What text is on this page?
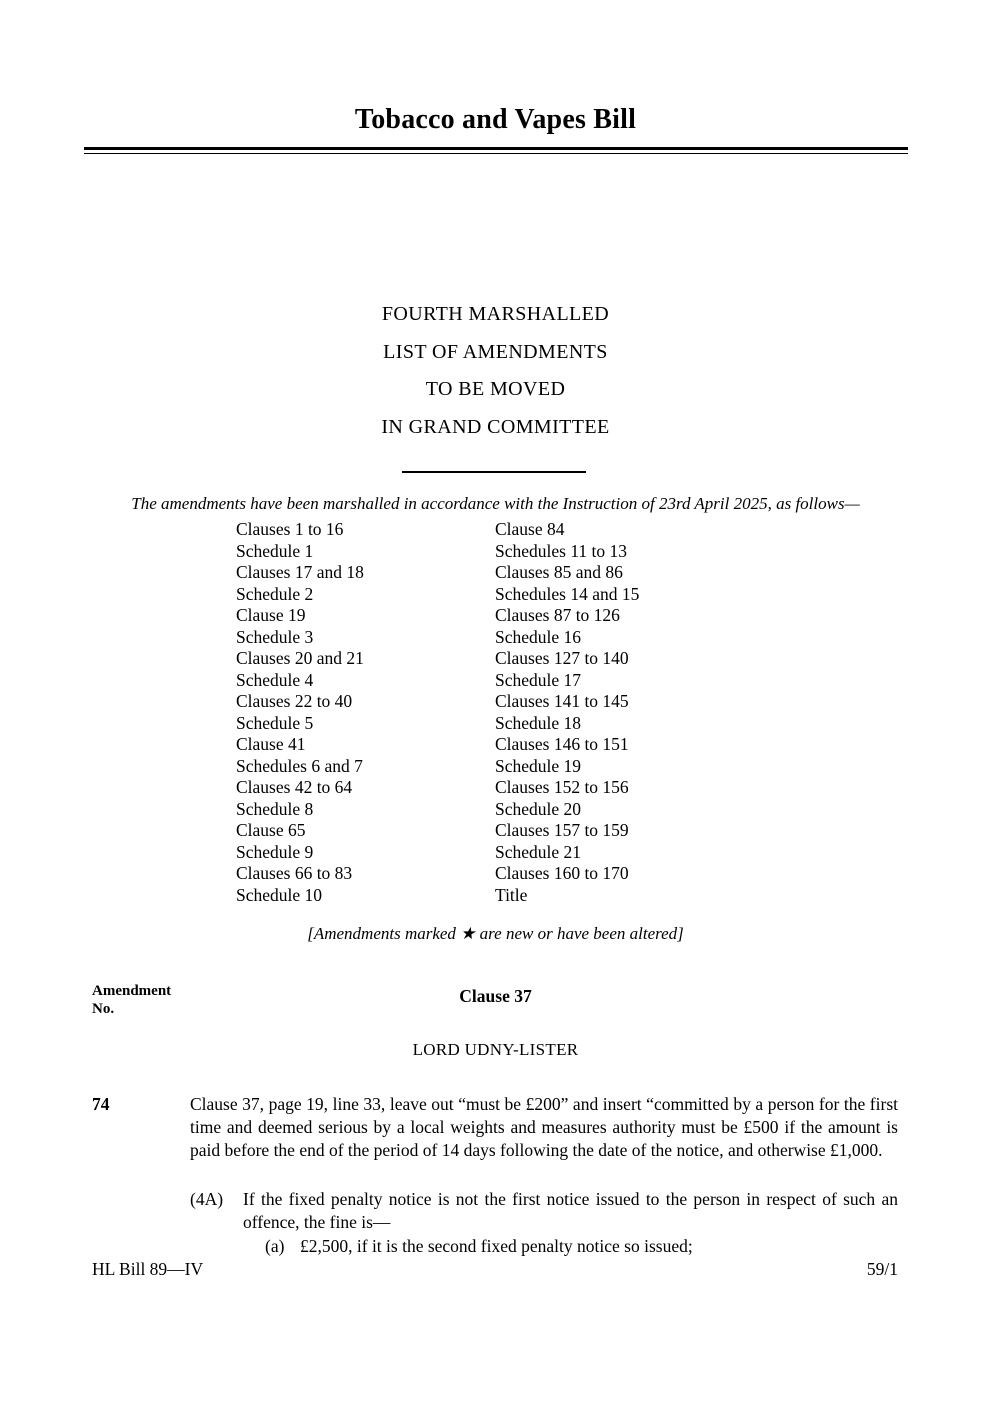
Tobacco and Vapes Bill
FOURTH MARSHALLED
LIST OF AMENDMENTS
TO BE MOVED
IN GRAND COMMITTEE
The amendments have been marshalled in accordance with the Instruction of 23rd April 2025, as follows—
Clauses 1 to 16
Schedule 1
Clauses 17 and 18
Schedule 2
Clause 19
Schedule 3
Clauses 20 and 21
Schedule 4
Clauses 22 to 40
Schedule 5
Clause 41
Schedules 6 and 7
Clauses 42 to 64
Schedule 8
Clause 65
Schedule 9
Clauses 66 to 83
Schedule 10
Clause 84
Schedules 11 to 13
Clauses 85 and 86
Schedules 14 and 15
Clauses 87 to 126
Schedule 16
Clauses 127 to 140
Schedule 17
Clauses 141 to 145
Schedule 18
Clauses 146 to 151
Schedule 19
Clauses 152 to 156
Schedule 20
Clauses 157 to 159
Schedule 21
Clauses 160 to 170
Title
[Amendments marked ★ are new or have been altered]
Amendment
No.
Clause 37
LORD UDNY-LISTER
74	Clause 37, page 19, line 33, leave out “must be £200” and insert “committed by a person for the first time and deemed serious by a local weights and measures authority must be £500 if the amount is paid before the end of the period of 14 days following the date of the notice, and otherwise £1,000.
(4A) If the fixed penalty notice is not the first notice issued to the person in respect of such an offence, the fine is—
(a) £2,500, if it is the second fixed penalty notice so issued;
HL Bill 89—IV	59/1
